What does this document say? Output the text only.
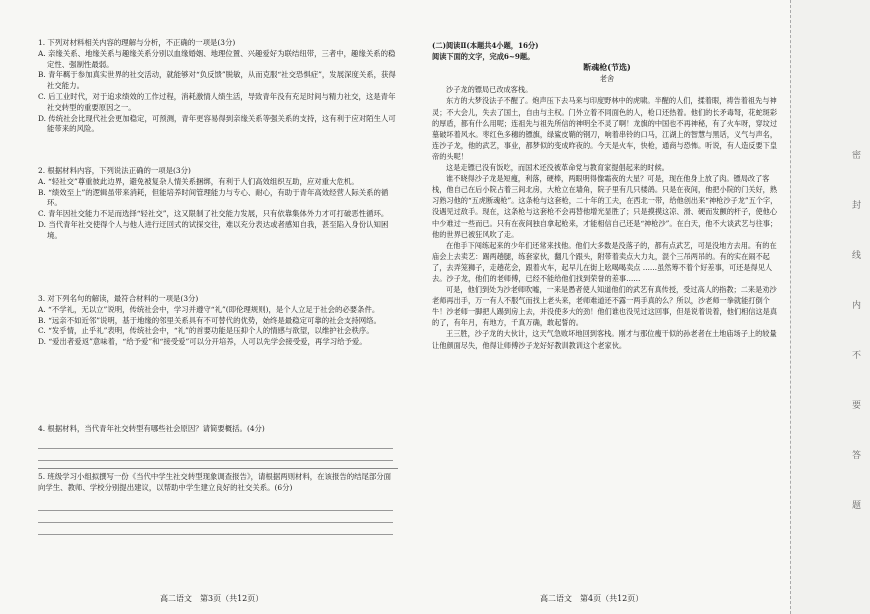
1. 下列对材料相关内容的理解与分析，不正确的一项是(3分)

A. 亲缘关系、地缘关系与趣缘关系分别以血缘婚姻、地理位置、兴趣爱好为联结纽带，三者中，趣缘关系的稳定性、强制性最弱。

B. 青年羁于参加真实世界的社交活动，就能够对“负反馈”脱敏，从而克服“社交恐惧症”，发展深度关系，获得社交能力。

C. 后工业时代，对于追求绩效的工作过程，消耗激情人绩生活，导致青年没有充足时间与精力社交，这是青年社交转型的重要原因之一。

D. 传统社会比现代社会更加稳定，可预测，青年更容易得到亲缘关系等强关系的支持，这有利于应对陌生人可能带来的风险。

2. 根据材料内容，下列说法正确的一项是(3分)

A. “轻社交”尊重彼此边界，避免被复杂人情关系捆绑，有利于人们高效组织互助，应对重大危机。

B. “绩效至上”的逻辑虽带来消耗，但能培养时间管理能力与专心、耐心，有助于青年高效经营人际关系的循环。

C. 青年因社交能力不足而选择“轻社交”，这又限制了社交能力发展，只有依靠集体外力才可打破恶性循环。

D. 当代青年社交使得个人与他人进行迂回式的试探交往，难以充分表达或者感知自我，甚至陷入身份认知困境。

3. 对下列名句的解读，最符合材料的一项是(3分)

A. “不学礼，无以立”说明，传统社会中，学习并遵守“礼”(即伦理规则)，是个人立足于社会的必要条件。

B. “远亲不如近邻”说明，基于地缘的邻里关系具有不可替代的优势，始终是最稳定可靠的社会支持网络。

C. “发乎情，止乎礼”表明，传统社会中，“礼”的首要功能是压抑个人的情感与欲望，以维护社会秩序。

D. “爱出者爱返”意味着，“给予爱”和“接受爱”可以分开培养，人可以先学会接受爱，再学习给予爱。

4. 根据材料，当代青年社交转型有哪些社会原因？请简要概括。(4分)

5. 班级学习小组拟撰写一份《当代中学生社交转型现象调查报告》，请根据两则材料，在该报告的结尾部分面向学生、教师、学校分别提出建议，以帮助中学生建立良好的社交关系。(6分)

高二语文　第3页（共12页）
(二)阅读Ⅱ(本题共4小题，16分)
阅读下面的文字，完成6~9题。
断魂枪(节选)
老舍

沙子龙的镖局已改成客栈。

东方的大梦没法子不醒了。炮声压下去马来与印度野林中的虎啸。半醒的人们，揉着眼，祷告着祖先与神灵；不大会儿，失去了国土，自由与主权。门外立着不同面色的人，枪口还热着。他们的长矛毒弩，花蛇斑彩的厚盾，都有什么用呢；连祖先与祖先所信的神明全不灵了啊！龙旗的中国也不再神秘，有了火车呀，穿坟过墓破坏着风水。枣红色多穗的镖旗，绿鲨皮鞘的钢刀，响着串铃的口马，江湖上的智慧与黑话，义气与声名，连沙子龙，他的武艺，事业，都梦似的变成昨夜的。今天是火车，快枪，通商与恐怖。听说，有人造反要下皇帝的头呢！

这是走镖已没有饭吃，而国术还没被革命党与教育家提倡起来的时候。

谁不晓得沙子龙是短瘦，利落，硬棒，两眼明得像霜夜的大星？可是，现在他身上放了肉。镖局改了客栈，他自己在后小院占着三间北房，大枪立在墙角，院子里有几只楼鸽。只是在夜间，他把小院的门关好，熟习熟习他的“五虎断魂枪”。这条枪与这套枪，二十年的工夫，在西北一带，给他创出来“神枪沙子龙”五个字，没遇见过敌手。现在，这条枪与这套枪不会再替他增光显胜了；只是摸摸这凉、滑、硬而发颤的杆子，使他心中少难过一些而已。只有在夜间独自拿起枪来，才能相信自己还是“神枪沙”。在白天，他不大谈武艺与往事；他的世界已被狂风吹了走。

在他手下闯练起来的少年们还常来找他。他们大多数是没落子的，都有点武艺，可是没地方去用。有的在庙会上去卖艺：踢两趟腿，练套家伙，翻几个跟头，附带着卖点大力丸，混个三吊两吊的。有的实在闹不起了，去弄笼狮子，走趟花会，跟着火车，起早儿在街上吆喝喝卖点 ……虽然筹不着个好差事，可还是得见人去。沙子龙，他们的老师傅，已经不能给他们找到荣誉的差事……

可是，他们到处为沙老师吹嘘，一来是愚者使人知道他们的武艺有真传授，受过高人的指教；二来是劝沙老师再出手，万一有人不服气而找上老头来，老师难道还不露一两手真的么？所以，沙老师一拳就能打倒个牛！沙老师一脚把人踢到房上去，并没使多大的劲！他们谁也没见过这回事，但是说着说着，他们相信这是真的了，有年月，有地方，千真万确，敢起誓的。

王三胜，沙子龙的大伙计，这天气急败坏地回到客栈。刚才与那位瘦干似的孙老者在土地庙场子上的较量让他颜面尽失，他得让师傅沙子龙好好教训教训这个老家伙。

高二语文　第4页（共12页）
密
封
线
内
不
要
答
题
